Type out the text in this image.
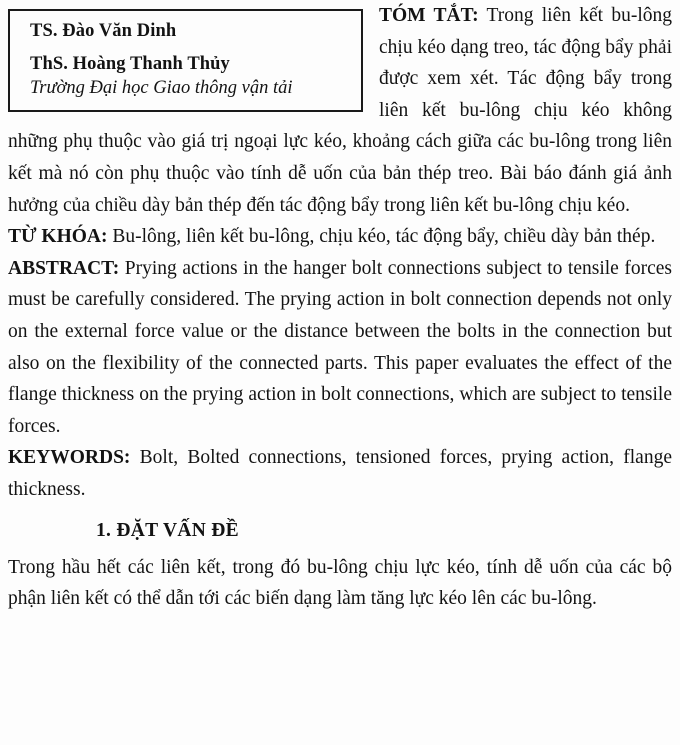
TS. Đào Văn Dinh

ThS. Hoàng Thanh Thủy

Trường Đại học Giao thông vận tải

TÓM TẮT: Trong liên kết bu-lông chịu kéo dạng treo, tác động bẩy phải được xem xét. Tác động bẩy trong liên kết bu-lông chịu kéo không những phụ thuộc vào giá trị ngoại lực kéo, khoảng cách giữa các bu-lông trong liên kết mà nó còn phụ thuộc vào tính dễ uốn của bản thép treo. Bài báo đánh giá ảnh hưởng của chiều dày bản thép đến tác động bẩy trong liên kết bu-lông chịu kéo.

TỪ KHÓA: Bu-lông, liên kết bu-lông, chịu kéo, tác động bẩy, chiều dày bản thép.

ABSTRACT: Prying actions in the hanger bolt connections subject to tensile forces must be carefully considered. The prying action in bolt connection depends not only on the external force value or the distance between the bolts in the connection but also on the flexibility of the connected parts. This paper evaluates the effect of the flange thickness on the prying action in bolt connections, which are subject to tensile forces.

KEYWORDS: Bolt, Bolted connections, tensioned forces, prying action, flange thickness.

1. ĐẶT VẤN ĐỀ

Trong hầu hết các liên kết, trong đó bu-lông chịu lực kéo, tính dễ uốn của các bộ phận liên kết có thể dẫn tới các biến dạng làm tăng lực kéo lên các bu-lông.
